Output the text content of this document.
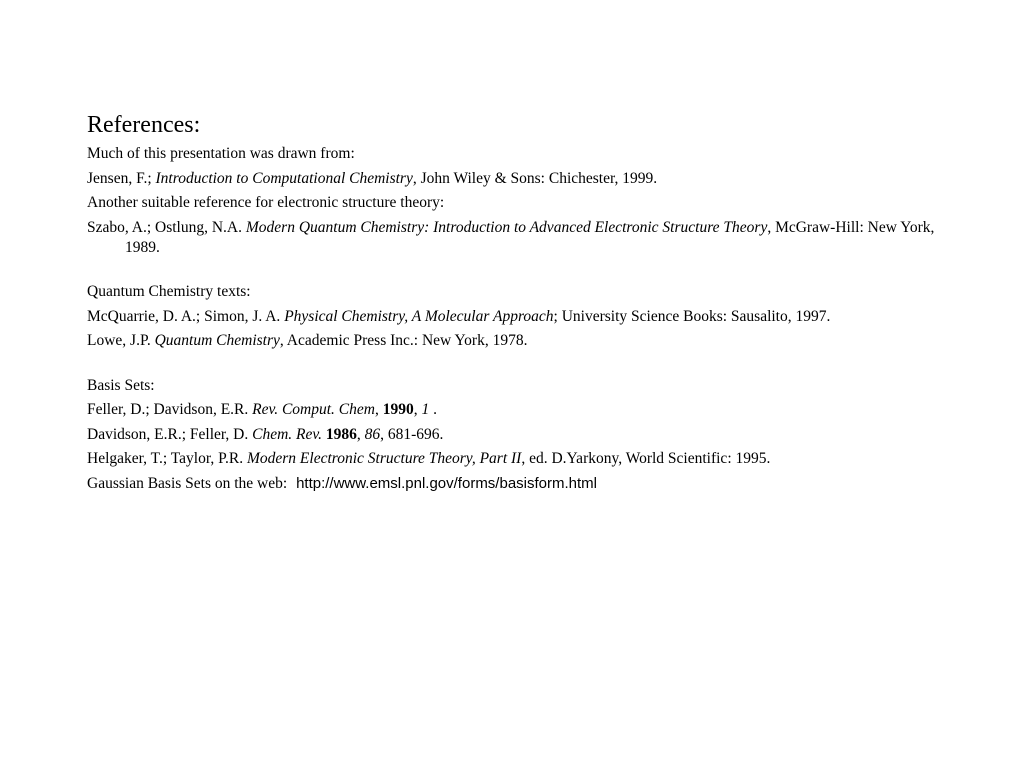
References:
Much of this presentation was drawn from:
Jensen, F.; Introduction to Computational Chemistry, John Wiley & Sons: Chichester, 1999.
Another suitable reference for electronic structure theory:
Szabo, A.; Ostlung, N.A. Modern Quantum Chemistry: Introduction to Advanced Electronic Structure Theory, McGraw-Hill: New York, 1989.
Quantum Chemistry texts:
McQuarrie, D. A.; Simon, J. A. Physical Chemistry, A Molecular Approach; University Science Books: Sausalito, 1997.
Lowe, J.P. Quantum Chemistry, Academic Press Inc.: New York, 1978.
Basis Sets:
Feller, D.; Davidson, E.R. Rev. Comput. Chem, 1990, 1 .
Davidson, E.R.; Feller, D. Chem. Rev. 1986, 86, 681-696.
Helgaker, T.; Taylor, P.R. Modern Electronic Structure Theory, Part II, ed. D.Yarkony, World Scientific: 1995.
Gaussian Basis Sets on the web: http://www.emsl.pnl.gov/forms/basisform.html
